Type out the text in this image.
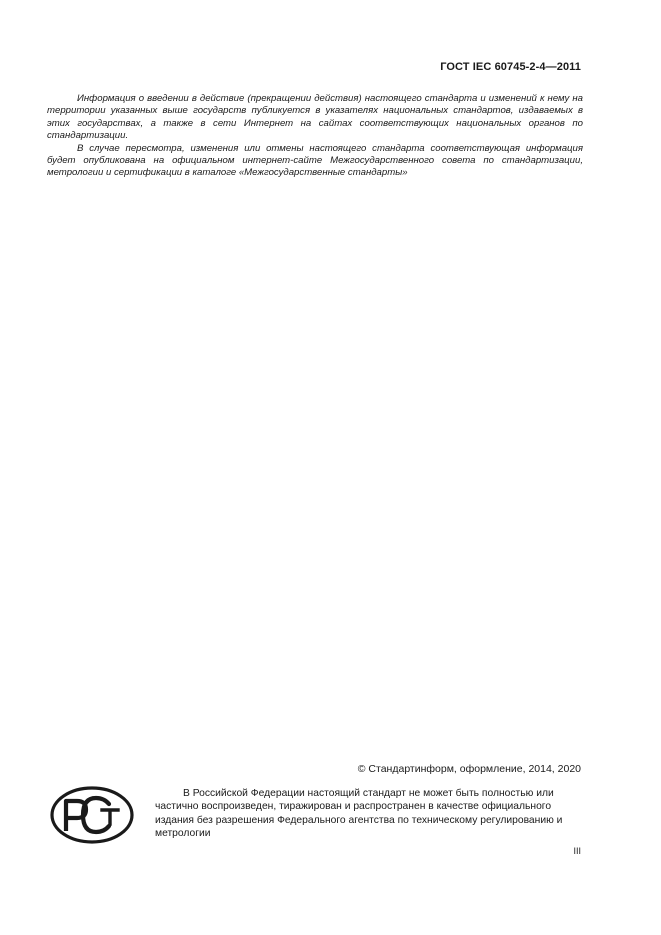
ГОСТ IEC 60745-2-4—2011

Информация о введении в действие (прекращении действия) настоящего стандарта и изменений к нему на территории указанных выше государств публикуется в указателях национальных стандартов, издаваемых в этих государствах, а также в сети Интернет на сайтах соответствующих национальных органов по стандартизации.

В случае пересмотра, изменения или отмены настоящего стандарта соответствующая информация будет опубликована на официальном интернет-сайте Межгосударственного совета по стандартизации, метрологии и сертификации в каталоге «Межгосударственные стандарты»

© Стандартинформ, оформление, 2014, 2020

В Российской Федерации настоящий стандарт не может быть полностью или частично воспроизведен, тиражирован и распространен в качестве официального издания без разрешения Федерального агентства по техническому регулированию и метрологии

III
